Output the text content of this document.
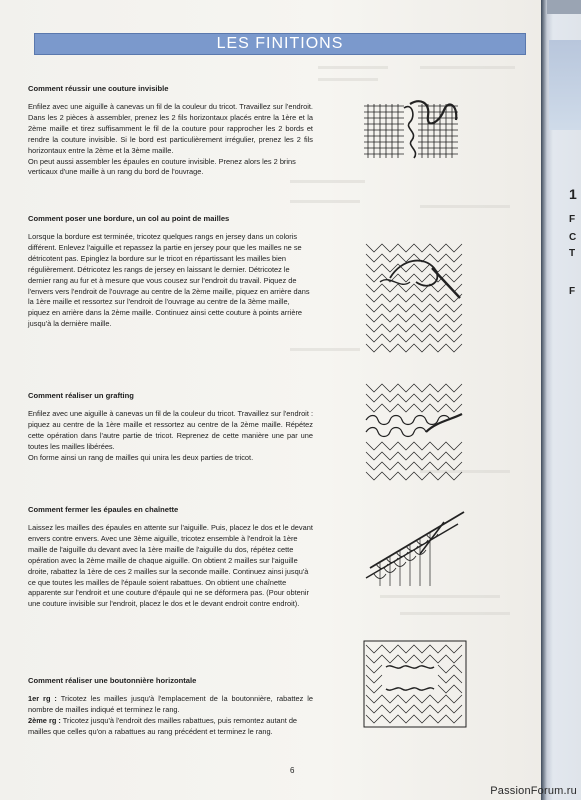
LES FINITIONS
Comment réussir une couture invisible

Enfilez avec une aiguille à canevas un fil de la couleur du tricot. Travaillez sur l'endroit. Dans les 2 pièces à assembler, prenez les 2 fils horizontaux placés entre la 1ère et la 2ème maille et tirez suffisamment le fil de la couture pour rapprocher les 2 bords et rendre la couture invisible. Si le bord est particulièrement irrégulier, prenez les 2 fils horizontaux entre la 2ème et la 3ème maille.

On peut aussi assembler les épaules en couture invisible. Prenez alors les 2 brins verticaux d'une maille à un rang du bord de l'ouvrage.

Comment poser une bordure, un col au point de mailles

Lorsque la bordure est terminée, tricotez quelques rangs en jersey dans un coloris différent. Enlevez l'aiguille et repassez la partie en jersey pour que les mailles ne se détricotent pas. Epinglez la bordure sur le tricot en répartissant les mailles bien régulièrement. Détricotez les rangs de jersey en laissant le dernier. Détricotez le dernier rang au fur et à mesure que vous cousez sur l'endroit du travail. Piquez de l'envers vers l'endroit de l'ouvrage au centre de la 2ème maille, piquez en arrière dans la 1ère maille et ressortez sur l'endroit de l'ouvrage au centre de la 3ème maille, piquez en arrière dans la 2ème maille. Continuez ainsi cette couture à points arrière jusqu'à la dernière maille.

Comment réaliser un grafting

Enfilez avec une aiguille à canevas un fil de la couleur du tricot. Travaillez sur l'endroit : piquez au centre de la 1ère maille et ressortez au centre de la 2ème maille. Répétez cette opération dans l'autre partie de tricot. Reprenez de cette manière une par une toutes les mailles libérées.

On forme ainsi un rang de mailles qui unira les deux parties de tricot.

Comment fermer les épaules en chaînette

Laissez les mailles des épaules en attente sur l'aiguille. Puis, placez le dos et le devant envers contre envers. Avec une 3ème aiguille, tricotez ensemble à l'endroit la 1ère maille de l'aiguille du devant avec la 1ère maille de l'aiguille du dos, répétez cette opération avec la 2ème maille de chaque aiguille. On obtient 2 mailles sur l'aiguille droite, rabattez la 1ère de ces 2 mailles sur la seconde maille. Continuez ainsi jusqu'à ce que toutes les mailles de l'épaule soient rabattues. On obtient une chaînette apparente sur l'endroit et une couture d'épaule qui ne se déformera pas. (Pour obtenir une couture invisible sur l'endroit, placez le dos et le devant endroit contre endroit).

Comment réaliser une boutonnière horizontale

1er rg : Tricotez les mailles jusqu'à l'emplacement de la boutonnière, rabattez le nombre de mailles indiqué et terminez le rang.

2ème rg : Tricotez jusqu'à l'endroit des mailles rabattues, puis remontez autant de mailles que celles qu'on a rabattues au rang précédent et terminez le rang.

6
1
F
C
T
F
PassionForum.ru
